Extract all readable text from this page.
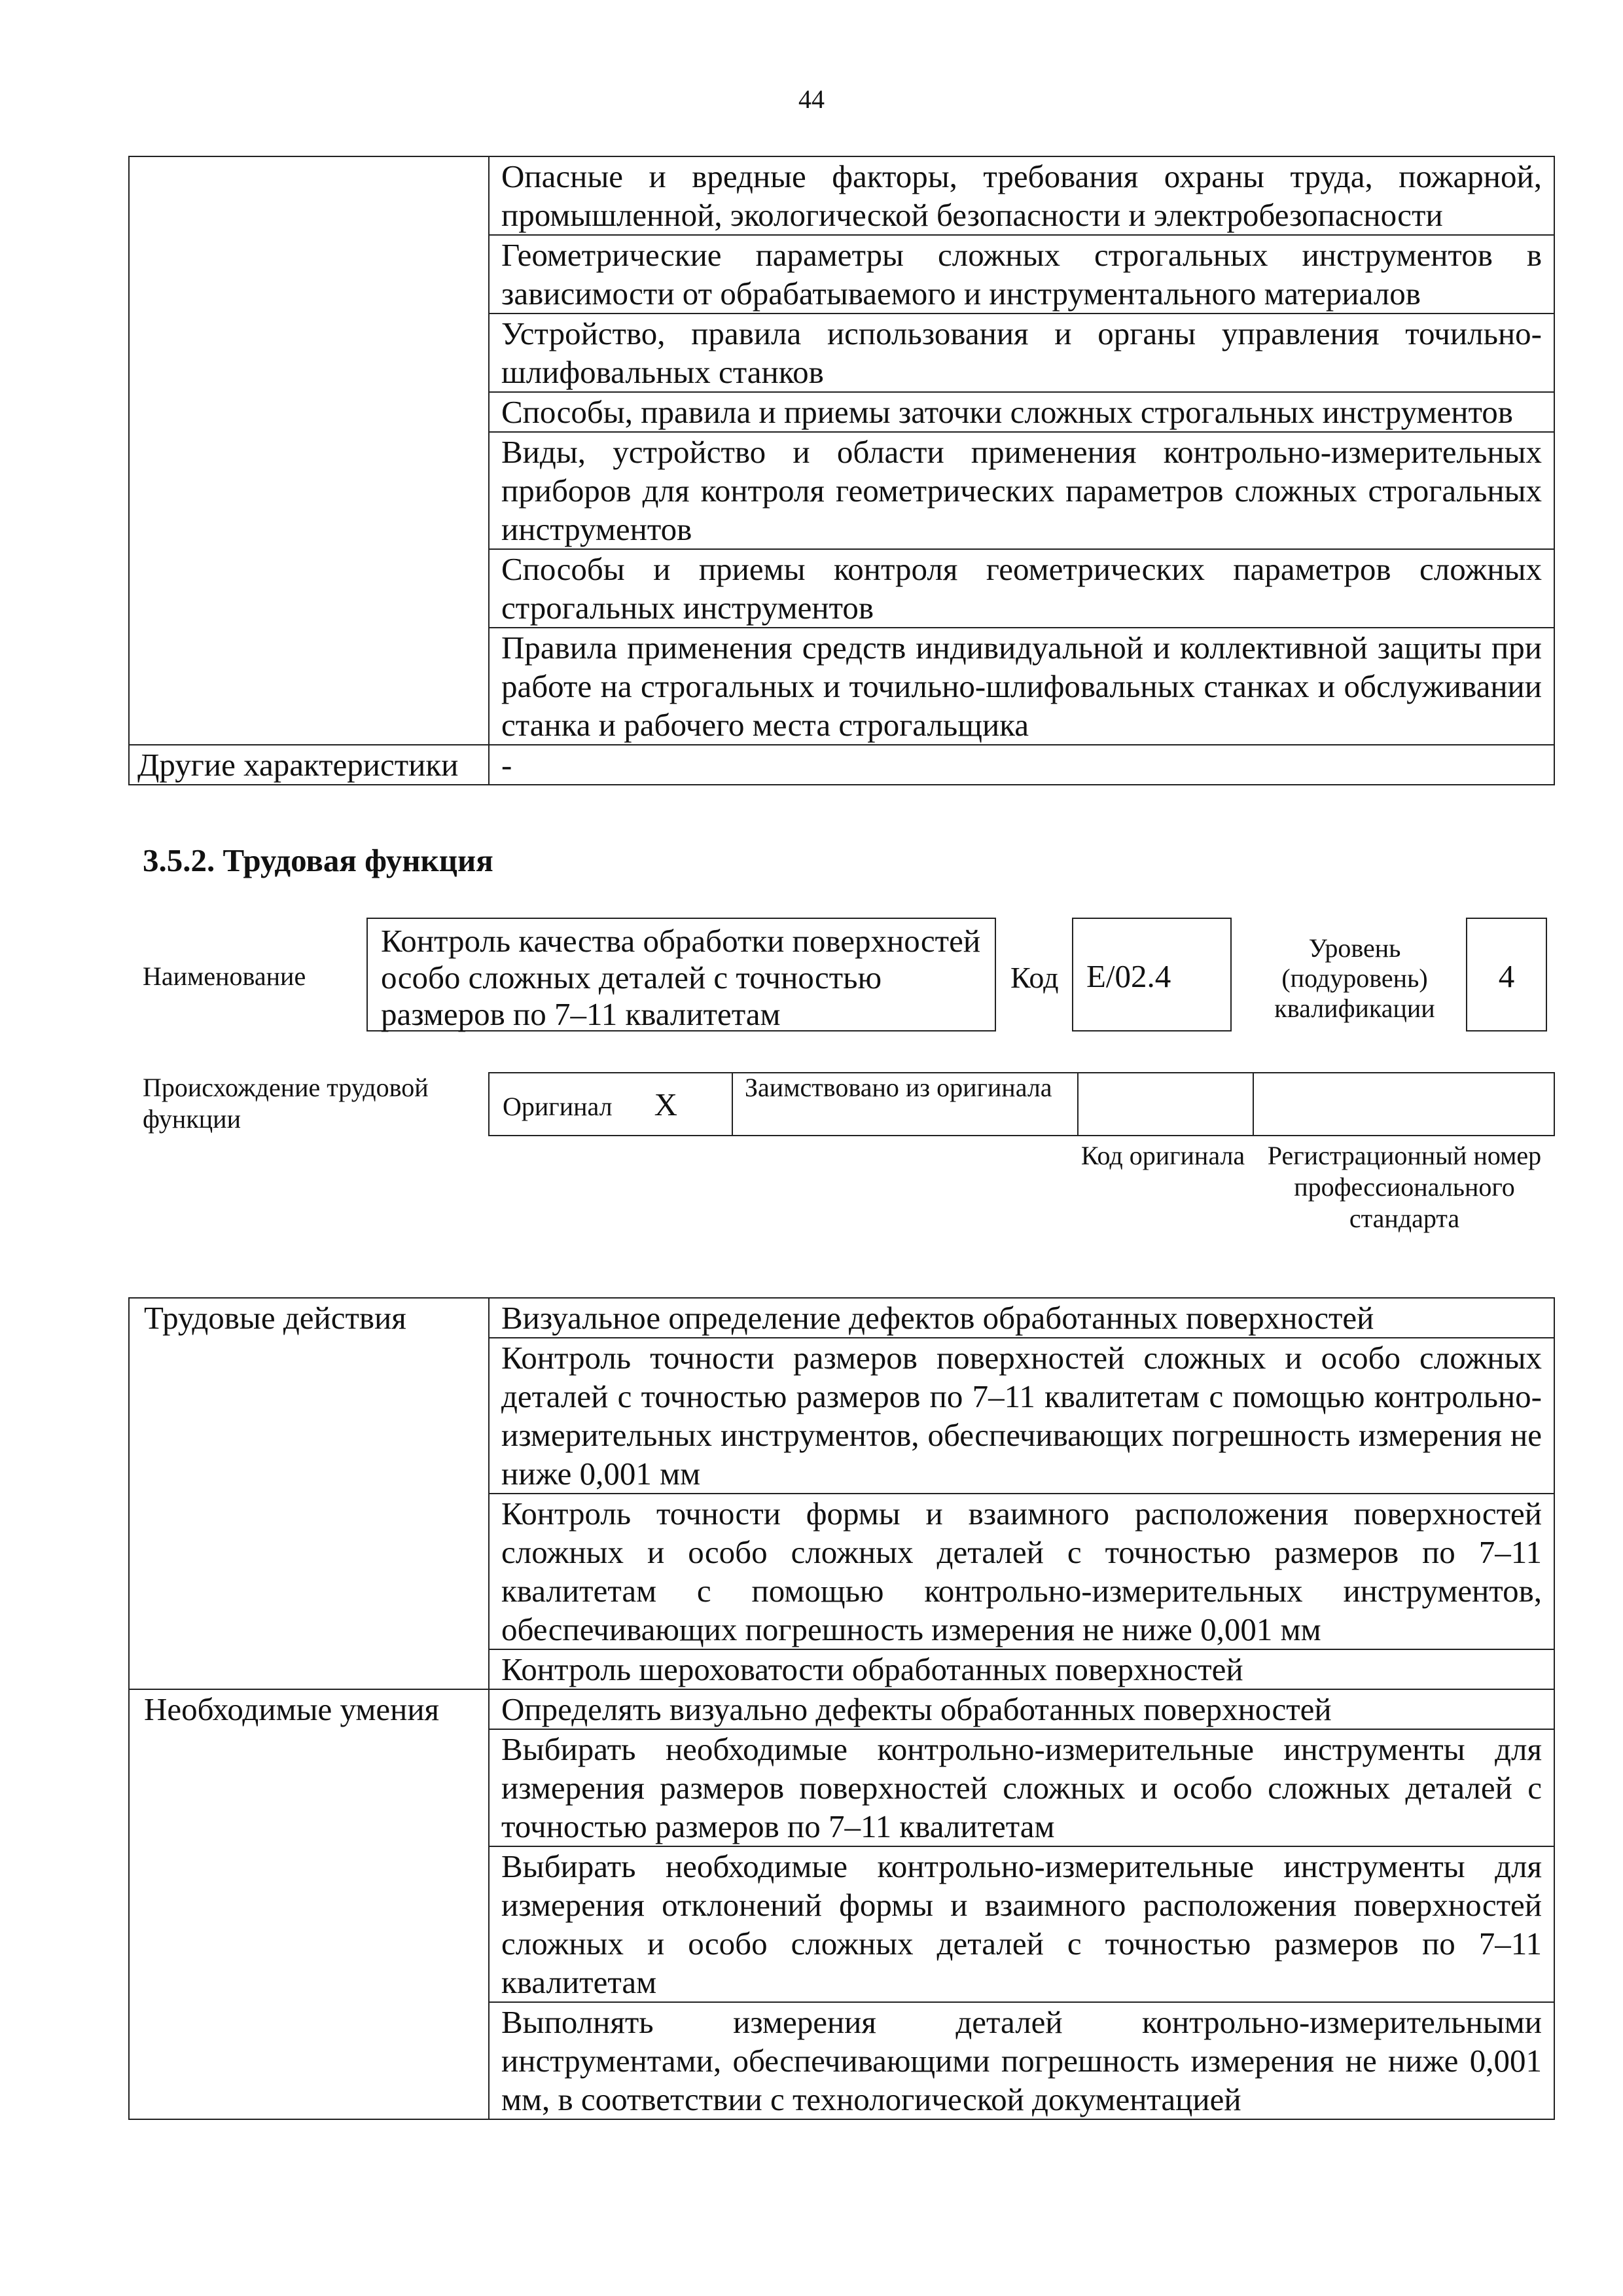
44

	Опасные и вредные факторы, требования охраны труда, пожарной, промышленной, экологической безопасности и электробезопасности

	Геометрические параметры сложных строгальных инструментов в зависимости от обрабатываемого и инструментального материалов

	Устройство, правила использования и органы управления точильно-шлифовальных станков

	Способы, правила и приемы заточки сложных строгальных инструментов

	Виды, устройство и области применения контрольно-измерительных приборов для контроля геометрических параметров сложных строгальных инструментов

	Способы и приемы контроля геометрических параметров сложных строгальных инструментов

	Правила применения средств индивидуальной и коллективной защиты при работе на строгальных и точильно-шлифовальных станках и обслуживании станка и рабочего места строгальщика

Другие характеристики	-
3.5.2. Трудовая функция
Наименование
Контроль качества обработки поверхностей особо сложных деталей с точностью размеров по 7–11 квалитетам
Код Е/02.4
Уровень (подуровень) квалификации
4
Происхождение трудовой функции	Оригинал X	Заимствовано из оригинала

Код оригинала Регистрационный номер профессионального стандарта
Трудовые действия	Визуальное определение дефектов обработанных поверхностей

	Контроль точности размеров поверхностей сложных и особо сложных деталей с точностью размеров по 7–11 квалитетам с помощью контрольно-измерительных инструментов, обеспечивающих погрешность измерения не ниже 0,001 мм

	Контроль точности формы и взаимного расположения поверхностей сложных и особо сложных деталей с точностью размеров по 7–11 квалитетам с помощью контрольно-измерительных инструментов, обеспечивающих погрешность измерения не ниже 0,001 мм

	Контроль шероховатости обработанных поверхностей

Необходимые умения	Определять визуально дефекты обработанных поверхностей

	Выбирать необходимые контрольно-измерительные инструменты для измерения размеров поверхностей сложных и особо сложных деталей с точностью размеров по 7–11 квалитетам

	Выбирать необходимые контрольно-измерительные инструменты для измерения отклонений формы и взаимного расположения поверхностей сложных и особо сложных деталей с точностью размеров по 7–11 квалитетам

	Выполнять измерения деталей контрольно-измерительными инструментами, обеспечивающими погрешность измерения не ниже 0,001 мм, в соответствии с технологической документацией
